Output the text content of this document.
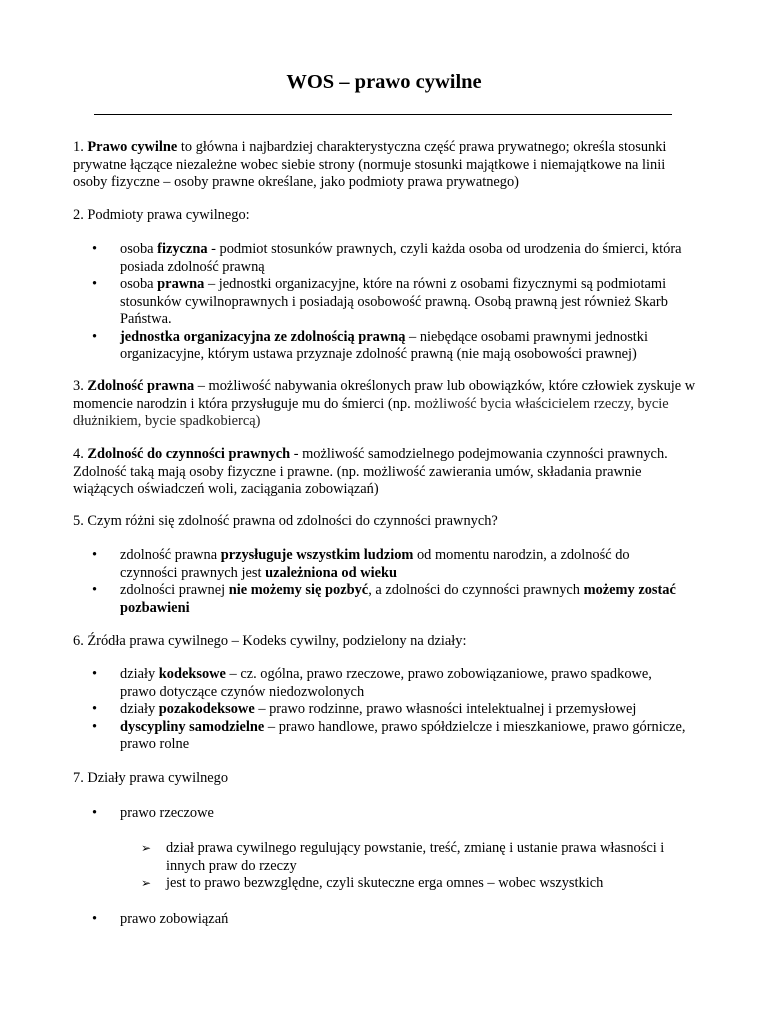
WOS – prawo cywilne
1. Prawo cywilne to główna i najbardziej charakterystyczna część prawa prywatnego; określa stosunki prywatne łączące niezależne wobec siebie strony (normuje stosunki majątkowe i niemajątkowe na linii osoby fizyczne – osoby prawne określane, jako podmioty prawa prywatnego)
2. Podmioty prawa cywilnego:
• osoba fizyczna - podmiot stosunków prawnych, czyli każda osoba od urodzenia do śmierci, która posiada zdolność prawną
• osoba prawna – jednostki organizacyjne, które na równi z osobami fizycznymi są podmiotami stosunków cywilnoprawnych i posiadają osobowość prawną. Osobą prawną jest również Skarb Państwa.
• jednostka organizacyjna ze zdolnością prawną – niebędące osobami prawnymi jednostki organizacyjne, którym ustawa przyznaje zdolność prawną (nie mają osobowości prawnej)
3. Zdolność prawna – możliwość nabywania określonych praw lub obowiązków, które człowiek zyskuje w momencie narodzin i która przysługuje mu do śmierci (np. możliwość bycia właścicielem rzeczy, bycie dłużnikiem, bycie spadkobiercą)
4. Zdolność do czynności prawnych - możliwość samodzielnego podejmowania czynności prawnych. Zdolność taką mają osoby fizyczne i prawne. (np. możliwość zawierania umów, składania prawnie wiążących oświadczeń woli, zaciągania zobowiązań)
5. Czym różni się zdolność prawna od zdolności do czynności prawnych?
• zdolność prawna przysługuje wszystkim ludziom od momentu narodzin, a zdolność do czynności prawnych jest uzależniona od wieku
• zdolności prawnej nie możemy się pozbyć, a zdolności do czynności prawnych możemy zostać pozbawieni
6. Źródła prawa cywilnego – Kodeks cywilny, podzielony na działy:
• działy kodeksowe – cz. ogólna, prawo rzeczowe, prawo zobowiązaniowe, prawo spadkowe, prawo dotyczące czynów niedozwolonych
• działy pozakodeksowe – prawo rodzinne, prawo własności intelektualnej i przemysłowej
• dyscypliny samodzielne – prawo handlowe, prawo spółdzielcze i mieszkaniowe, prawo górnicze, prawo rolne
7. Działy prawa cywilnego
• prawo rzeczowe
➢ dział prawa cywilnego regulujący powstanie, treść, zmianę i ustanie prawa własności i innych praw do rzeczy
➢ jest to prawo bezwzględne, czyli skuteczne erga omnes – wobec wszystkich
• prawo zobowiązań
